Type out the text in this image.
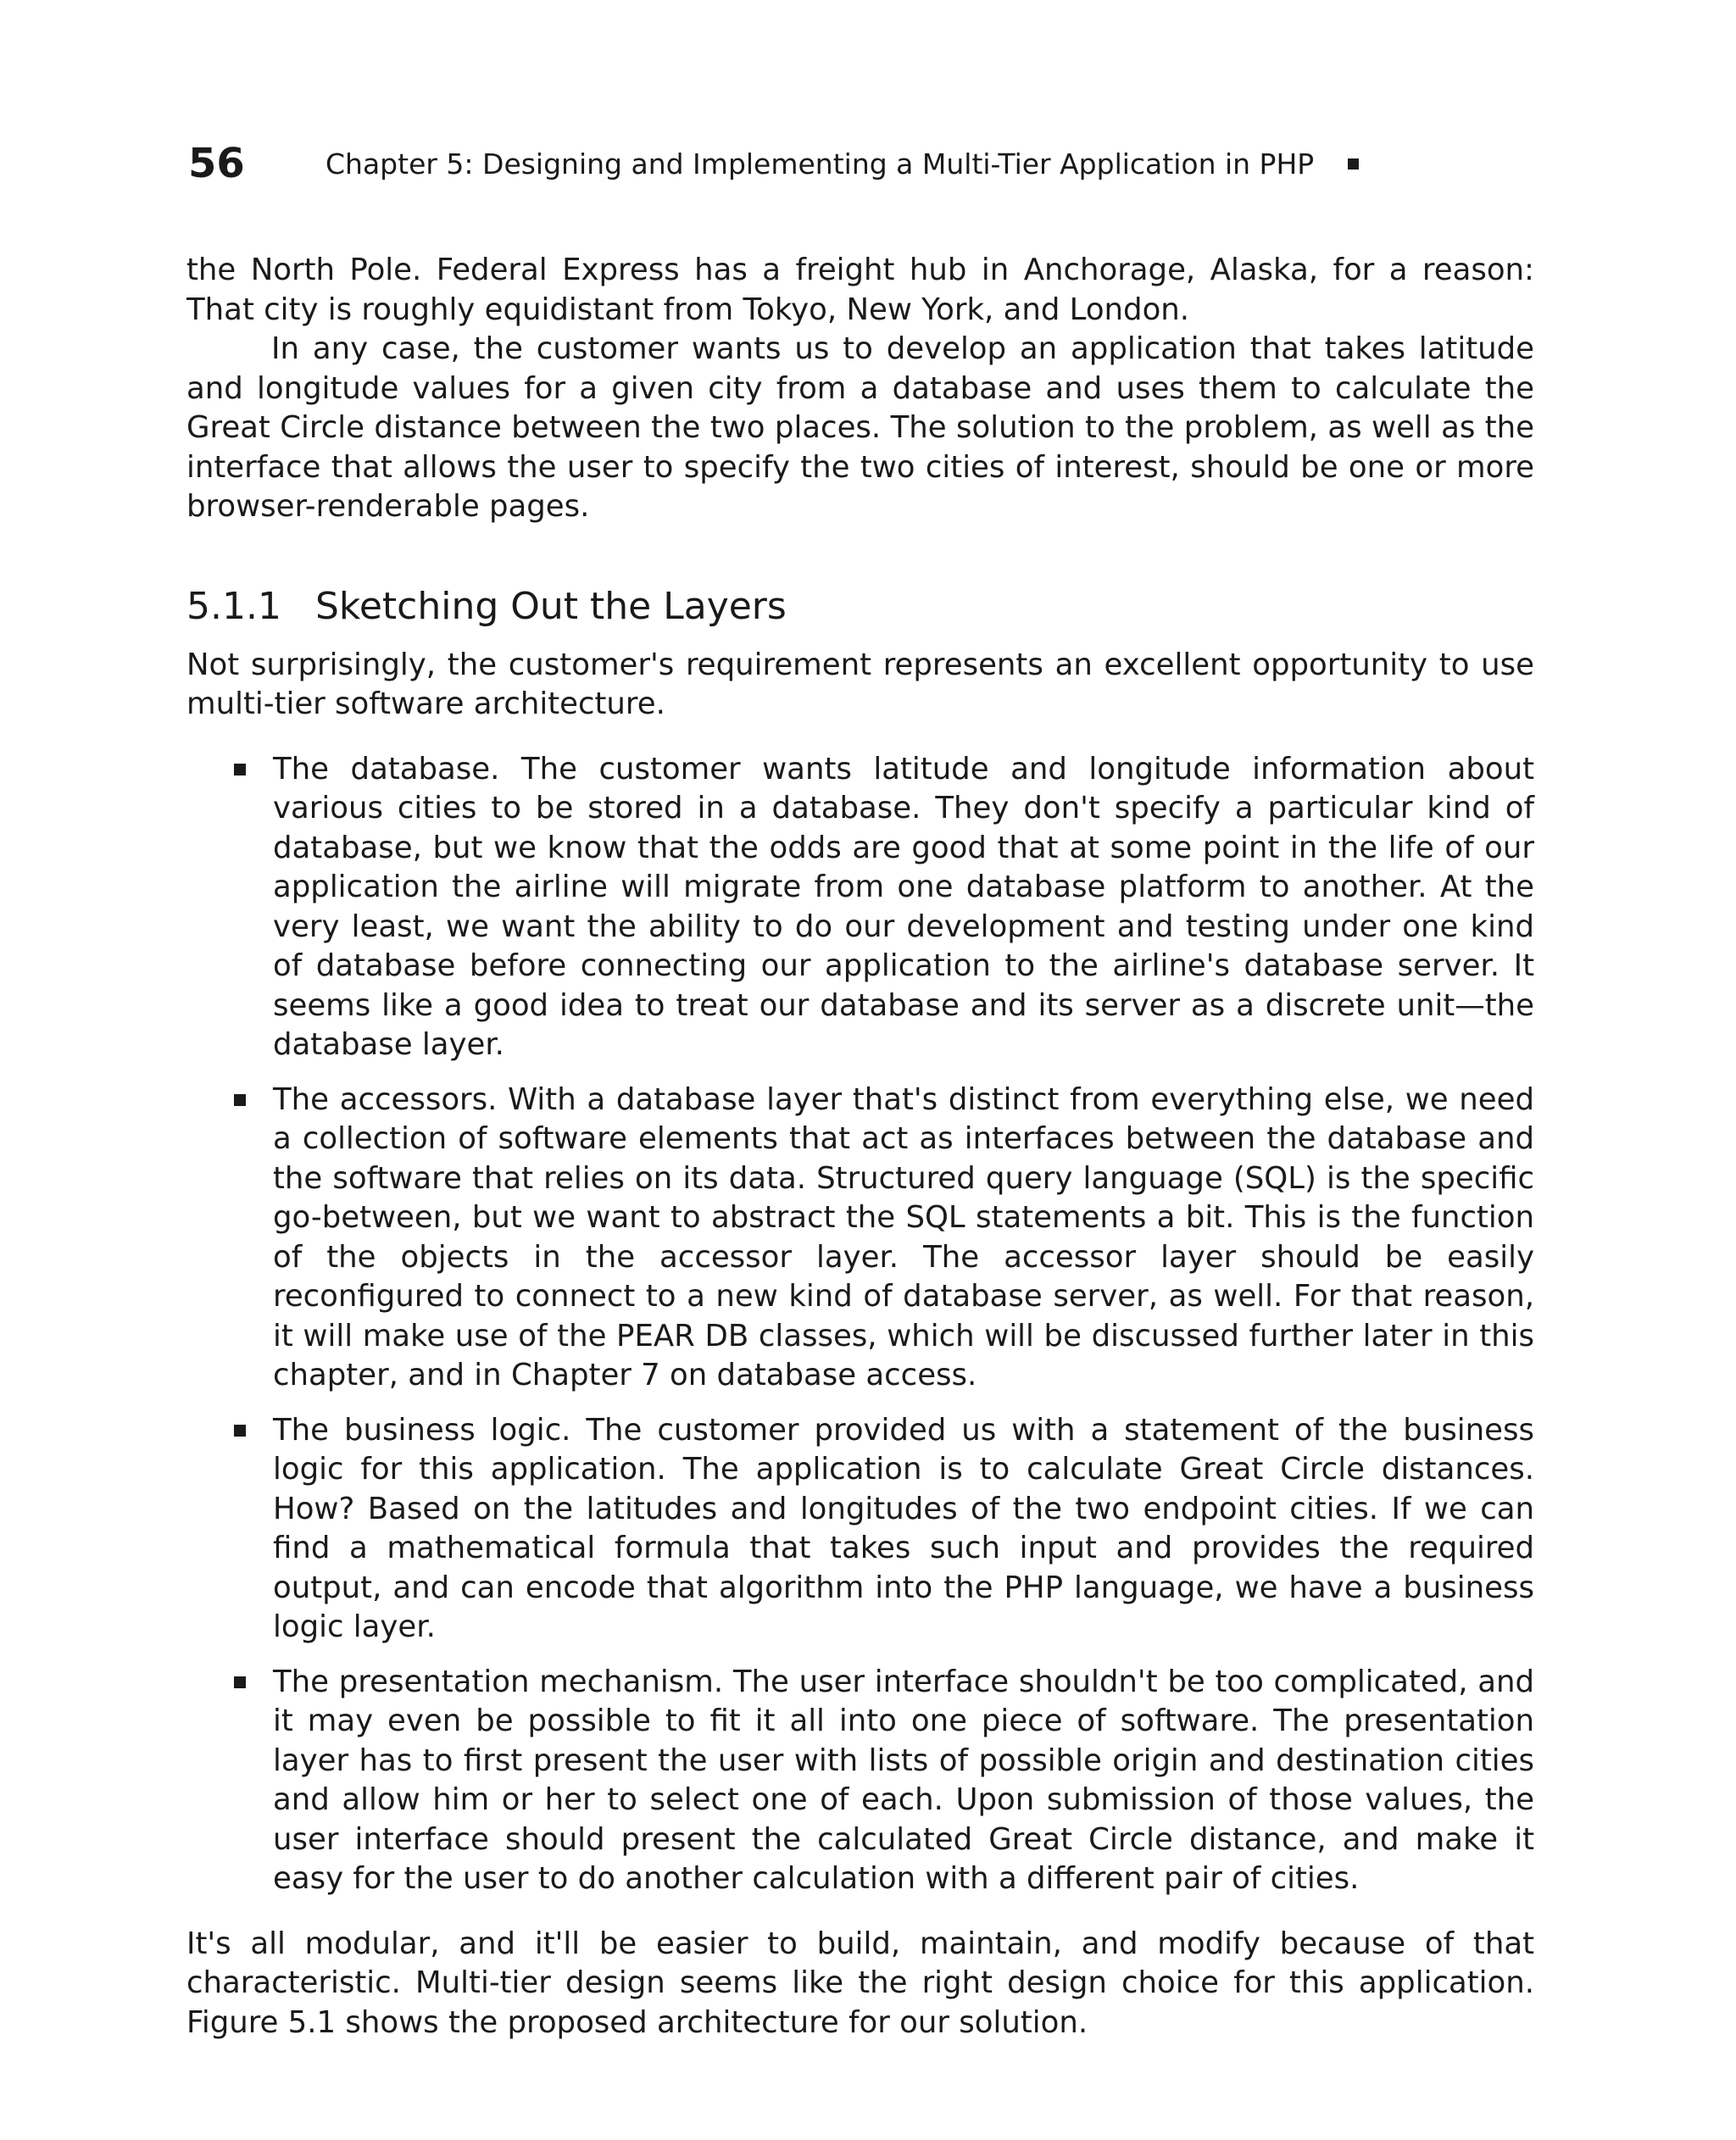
56	Chapter 5: Designing and Implementing a Multi-Tier Application in PHP

the North Pole. Federal Express has a freight hub in Anchorage, Alaska, for a reason: That city is roughly equidistant from Tokyo, New York, and London.

In any case, the customer wants us to develop an application that takes latitude and longitude values for a given city from a database and uses them to calculate the Great Circle distance between the two places. The solution to the problem, as well as the interface that allows the user to specify the two cities of interest, should be one or more browser-renderable pages.

5.1.1 Sketching Out the Layers

Not surprisingly, the customer's requirement represents an excellent opportunity to use multi-tier software architecture.

The database. The customer wants latitude and longitude information about various cities to be stored in a database. They don't specify a particular kind of database, but we know that the odds are good that at some point in the life of our application the airline will migrate from one database platform to another. At the very least, we want the ability to do our development and testing under one kind of database before connecting our application to the airline's database server. It seems like a good idea to treat our database and its server as a discrete unit—the database layer.

The accessors. With a database layer that's distinct from everything else, we need a collection of software elements that act as interfaces between the database and the software that relies on its data. Structured query language (SQL) is the specific go-between, but we want to abstract the SQL statements a bit. This is the function of the objects in the accessor layer. The accessor layer should be easily reconfigured to connect to a new kind of database server, as well. For that reason, it will make use of the PEAR DB classes, which will be discussed further later in this chapter, and in Chapter 7 on database access.

The business logic. The customer provided us with a statement of the business logic for this application. The application is to calculate Great Circle distances. How? Based on the latitudes and longitudes of the two endpoint cities. If we can find a mathematical formula that takes such input and provides the required output, and can encode that algorithm into the PHP language, we have a business logic layer.

The presentation mechanism. The user interface shouldn't be too complicated, and it may even be possible to fit it all into one piece of software. The presentation layer has to first present the user with lists of possible origin and destination cities and allow him or her to select one of each. Upon submission of those values, the user interface should present the calculated Great Circle distance, and make it easy for the user to do another calculation with a different pair of cities.

It's all modular, and it'll be easier to build, maintain, and modify because of that characteristic. Multi-tier design seems like the right design choice for this application. Figure 5.1 shows the proposed architecture for our solution.
